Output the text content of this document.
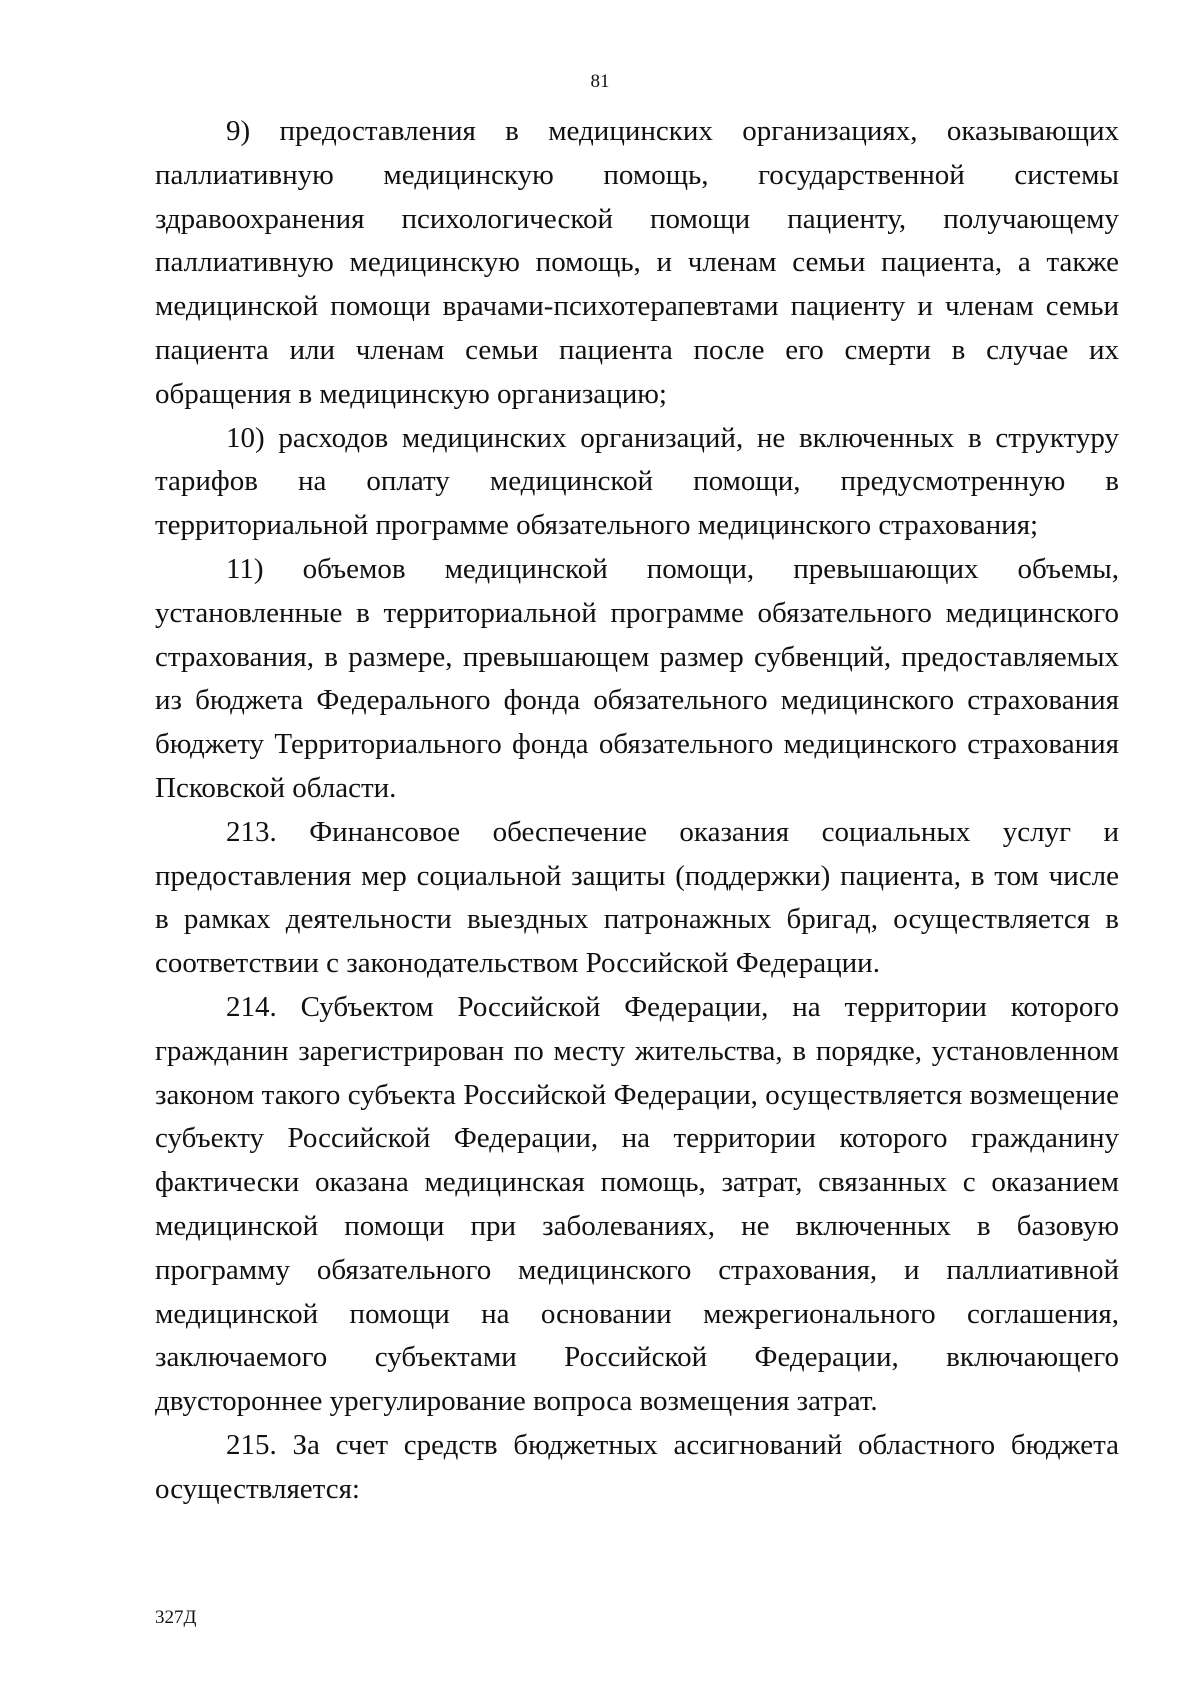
81

9) предоставления в медицинских организациях, оказывающих паллиативную медицинскую помощь, государственной системы здравоохранения психологической помощи пациенту, получающему паллиативную медицинскую помощь, и членам семьи пациента, а также медицинской помощи врачами-психотерапевтами пациенту и членам семьи пациента или членам семьи пациента после его смерти в случае их обращения в медицинскую организацию;

10) расходов медицинских организаций, не включенных в структуру тарифов на оплату медицинской помощи, предусмотренную в территориальной программе обязательного медицинского страхования;

11) объемов медицинской помощи, превышающих объемы, установленные в территориальной программе обязательного медицинского страхования, в размере, превышающем размер субвенций, предоставляемых из бюджета Федерального фонда обязательного медицинского страхования бюджету Территориального фонда обязательного медицинского страхования Псковской области.

213. Финансовое обеспечение оказания социальных услуг и предоставления мер социальной защиты (поддержки) пациента, в том числе в рамках деятельности выездных патронажных бригад, осуществляется в соответствии с законодательством Российской Федерации.

214. Субъектом Российской Федерации, на территории которого гражданин зарегистрирован по месту жительства, в порядке, установленном законом такого субъекта Российской Федерации, осуществляется возмещение субъекту Российской Федерации, на территории которого гражданину фактически оказана медицинская помощь, затрат, связанных с оказанием медицинской помощи при заболеваниях, не включенных в базовую программу обязательного медицинского страхования, и паллиативной медицинской помощи на основании межрегионального соглашения, заключаемого субъектами Российской Федерации, включающего двустороннее урегулирование вопроса возмещения затрат.

215. За счет средств бюджетных ассигнований областного бюджета осуществляется:

327Д
